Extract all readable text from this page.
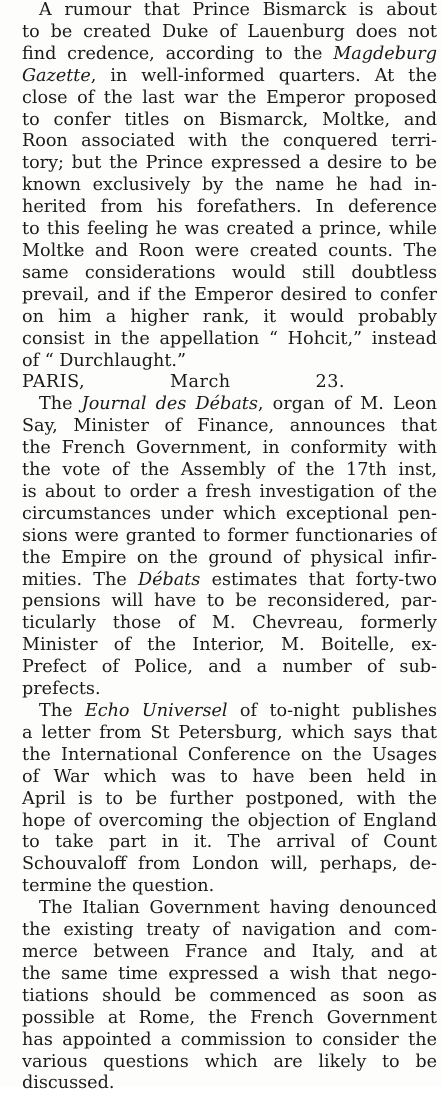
A rumour that Prince Bismarck is about
to be created Duke of Lauenburg does not
find credence, according to the Magdeburg
Gazette, in well-informed quarters. At the
close of the last war the Emperor proposed
to confer titles on Bismarck, Moltke, and
Roon associated with the conquered terri-
tory; but the Prince expressed a desire to be
known exclusively by the name he had in-
herited from his forefathers. In deference
to this feeling he was created a prince, while
Moltke and Roon were created counts. The
same considerations would still doubtless
prevail, and if the Emperor desired to confer
on him a higher rank, it would probably
consist in the appellation “ Hohcit,” instead
of “ Durchlaught.”
PARIS, March 23.
The Journal des Débats, organ of M. Leon
Say, Minister of Finance, announces that
the French Government, in conformity with
the vote of the Assembly of the 17th inst,
is about to order a fresh investigation of the
circumstances under which exceptional pen-
sions were granted to former functionaries of
the Empire on the ground of physical infir-
mities. The Débats estimates that forty-two
pensions will have to be reconsidered, par-
ticularly those of M. Chevreau, formerly
Minister of the Interior, M. Boitelle, ex-
Prefect of Police, and a number of sub-
prefects.
The Echo Universel of to-night publishes
a letter from St Petersburg, which says that
the International Conference on the Usages
of War which was to have been held in
April is to be further postponed, with the
hope of overcoming the objection of England
to take part in it. The arrival of Count
Schouvaloff from London will, perhaps, de-
termine the question.
The Italian Government having denounced
the existing treaty of navigation and com-
merce between France and Italy, and at
the same time expressed a wish that nego-
tiations should be commenced as soon as
possible at Rome, the French Government
has appointed a commission to consider the
various questions which are likely to be
discussed.
